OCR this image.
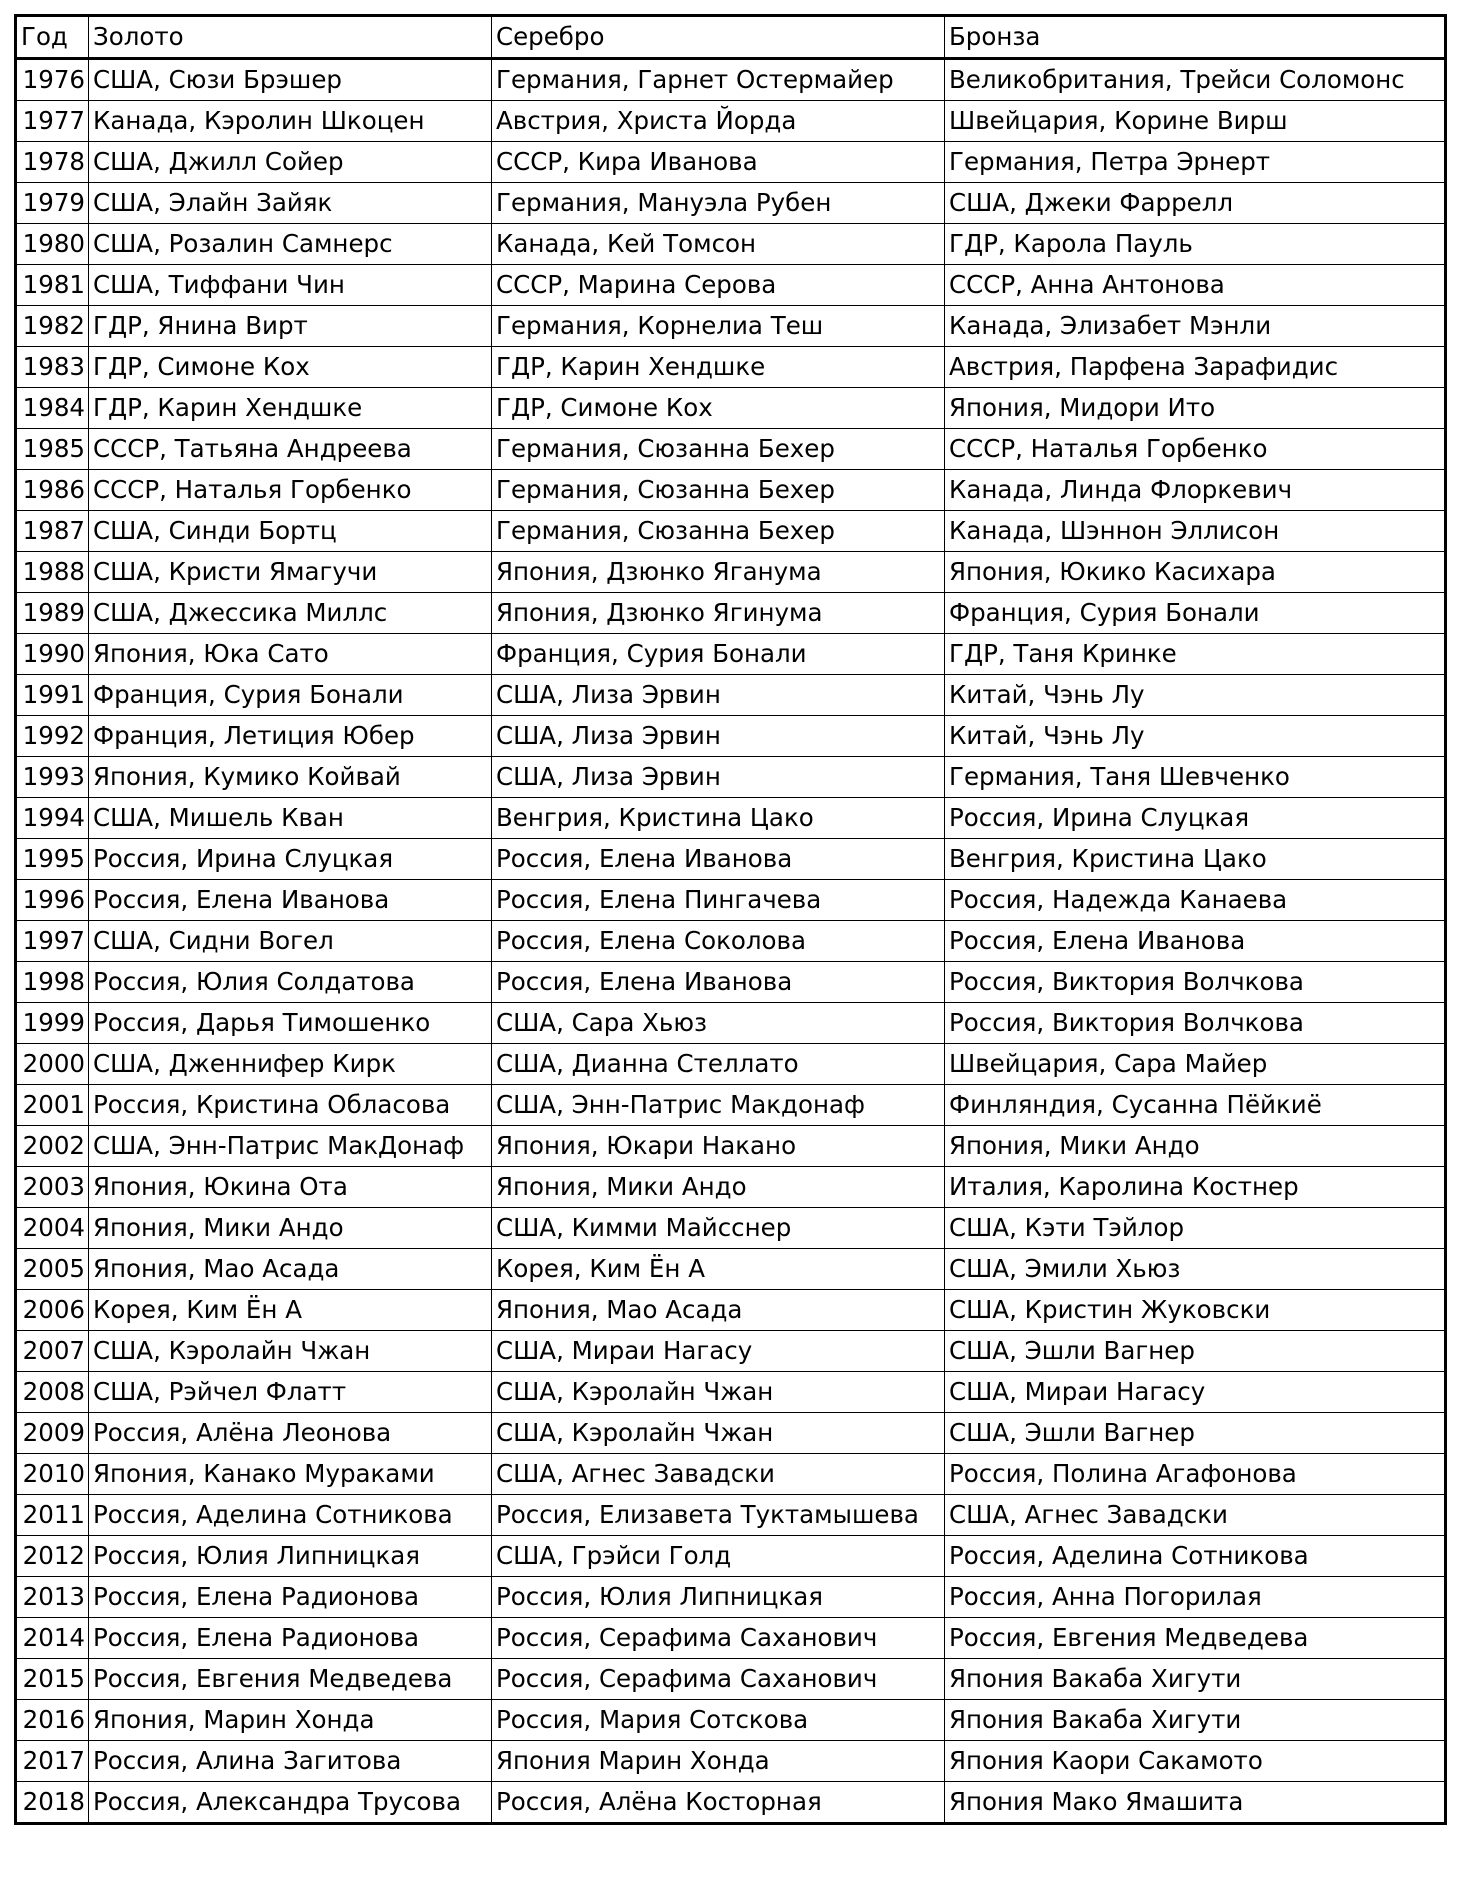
Год	Золото	Серебро	Бронза
1976	США, Сюзи Брэшер	Германия, Гарнет Остермайер	Великобритания, Трейси Соломонс
1977	Канада, Кэролин Шкоцен	Австрия, Христа Йорда	Швейцария, Корине Вирш
1978	США, Джилл Сойер	СССР, Кира Иванова	Германия, Петра Эрнерт
1979	США, Элайн Зайяк	Германия, Мануэла Рубен	США, Джеки Фаррелл
1980	США, Розалин Самнерс	Канада, Кей Томсон	ГДР, Карола Пауль
1981	США, Тиффани Чин	СССР, Марина Серова	СССР, Анна Антонова
1982	ГДР, Янина Вирт	Германия, Корнелиа Теш	Канада, Элизабет Мэнли
1983	ГДР, Симоне Кох	ГДР, Карин Хендшке	Австрия, Парфена Зарафидис
1984	ГДР, Карин Хендшке	ГДР, Симоне Кох	Япония, Мидори Ито
1985	СССР, Татьяна Андреева	Германия, Сюзанна Бехер	СССР, Наталья Горбенко
1986	СССР, Наталья Горбенко	Германия, Сюзанна Бехер	Канада, Линда Флоркевич
1987	США, Синди Бортц	Германия, Сюзанна Бехер	Канада, Шэннон Эллисон
1988	США, Кристи Ямагучи	Япония, Дзюнко Яганума	Япония, Юкико Касихара
1989	США, Джессика Миллс	Япония, Дзюнко Ягинума	Франция, Сурия Бонали
1990	Япония, Юка Сато	Франция, Сурия Бонали	ГДР, Таня Кринке
1991	Франция, Сурия Бонали	США, Лиза Эрвин	Китай, Чэнь Лу
1992	Франция, Летиция Юбер	США, Лиза Эрвин	Китай, Чэнь Лу
1993	Япония, Кумико Койвай	США, Лиза Эрвин	Германия, Таня Шевченко
1994	США, Мишель Кван	Венгрия, Кристина Цако	Россия, Ирина Слуцкая
1995	Россия, Ирина Слуцкая	Россия, Елена Иванова	Венгрия, Кристина Цако
1996	Россия, Елена Иванова	Россия, Елена Пингачева	Россия, Надежда Канаева
1997	США, Сидни Вогел	Россия, Елена Соколова	Россия, Елена Иванова
1998	Россия, Юлия Солдатова	Россия, Елена Иванова	Россия, Виктория Волчкова
1999	Россия, Дарья Тимошенко	США, Сара Хьюз	Россия, Виктория Волчкова
2000	США, Дженнифер Кирк	США, Дианна Стеллато	Швейцария, Сара Майер
2001	Россия, Кристина Обласова	США, Энн-Патрис Макдонаф	Финляндия, Сусанна Пёйкиё
2002	США, Энн-Патрис МакДонаф	Япония, Юкари Накано	Япония, Мики Андо
2003	Япония, Юкина Ота	Япония, Мики Андо	Италия, Каролина Костнер
2004	Япония, Мики Андо	США, Кимми Майсснер	США, Кэти Тэйлор
2005	Япония, Мао Асада	Корея, Ким Ён А	США, Эмили Хьюз
2006	Корея, Ким Ён А	Япония, Мао Асада	США, Кристин Жуковски
2007	США, Кэролайн Чжан	США, Мираи Нагасу	США, Эшли Вагнер
2008	США, Рэйчел Флатт	США, Кэролайн Чжан	США, Мираи Нагасу
2009	Россия, Алёна Леонова	США, Кэролайн Чжан	США, Эшли Вагнер
2010	Япония, Канако Мураками	США, Агнес Завадски	Россия, Полина Агафонова
2011	Россия, Аделина Сотникова	Россия, Елизавета Туктамышева	США, Агнес Завадски
2012	Россия, Юлия Липницкая	США, Грэйси Голд	Россия, Аделина Сотникова
2013	Россия, Елена Радионова	Россия, Юлия Липницкая	Россия, Анна Погорилая
2014	Россия, Елена Радионова	Россия, Серафима Саханович	Россия, Евгения Медведева
2015	Россия, Евгения Медведева	Россия, Серафима Саханович	Япония Вакаба Хигути
2016	Япония, Марин Хонда	Россия, Мария Сотскова	Япония Вакаба Хигути
2017	Россия, Алина Загитова	Япония Марин Хонда	Япония Каори Сакамото
2018	Россия, Александра Трусова	Россия, Алёна Косторная	Япония Мако Ямашита
